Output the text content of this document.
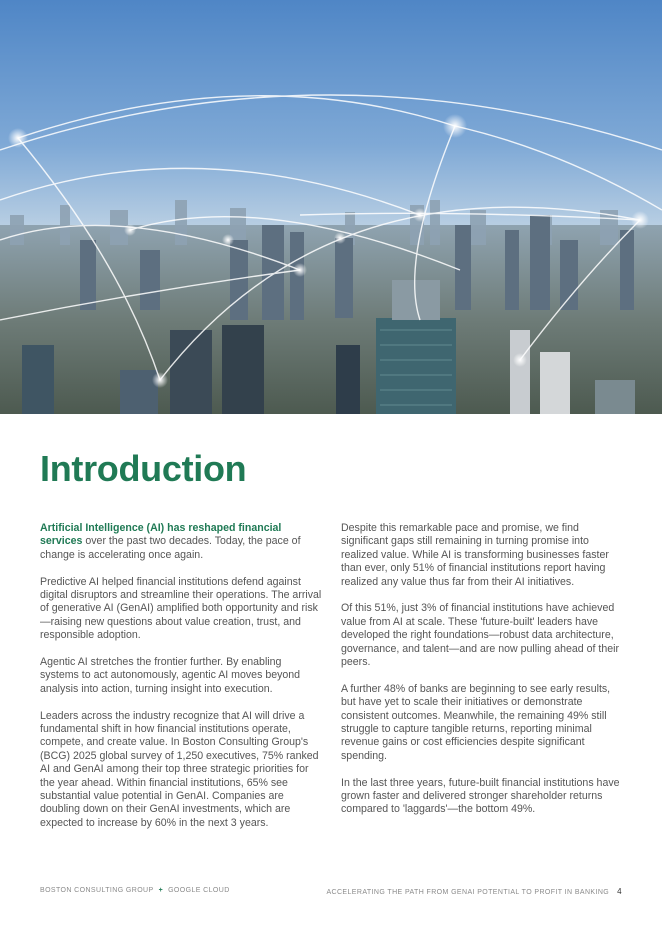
Introduction

Artificial Intelligence (AI) has reshaped financial services over the past two decades. Today, the pace of change is accelerating once again.

Predictive AI helped financial institutions defend against digital disruptors and streamline their operations. The arrival of generative AI (GenAI) amplified both opportunity and risk—raising new questions about value creation, trust, and responsible adoption.

Agentic AI stretches the frontier further. By enabling systems to act autonomously, agentic AI moves beyond analysis into action, turning insight into execution.

Leaders across the industry recognize that AI will drive a fundamental shift in how financial institutions operate, compete, and create value. In Boston Consulting Group's (BCG) 2025 global survey of 1,250 executives, 75% ranked AI and GenAI among their top three strategic priorities for the year ahead. Within financial institutions, 65% see substantial value potential in GenAI. Companies are doubling down on their GenAI investments, which are expected to increase by 60% in the next 3 years.

Despite this remarkable pace and promise, we find significant gaps still remaining in turning promise into realized value. While AI is transforming businesses faster than ever, only 51% of financial institutions report having realized any value thus far from their AI initiatives.

Of this 51%, just 3% of financial institutions have achieved value from AI at scale. These 'future-built' leaders have developed the right foundations—robust data architecture, governance, and talent—and are now pulling ahead of their peers.

A further 48% of banks are beginning to see early results, but have yet to scale their initiatives or demonstrate consistent outcomes. Meanwhile, the remaining 49% still struggle to capture tangible returns, reporting minimal revenue gains or cost efficiencies despite significant spending.

In the last three years, future-built financial institutions have grown faster and delivered stronger shareholder returns compared to 'laggards'—the bottom 49%.

BOSTON CONSULTING GROUP + GOOGLE CLOUD	ACCELERATING THE PATH FROM GENAI POTENTIAL TO PROFIT IN BANKING 4
